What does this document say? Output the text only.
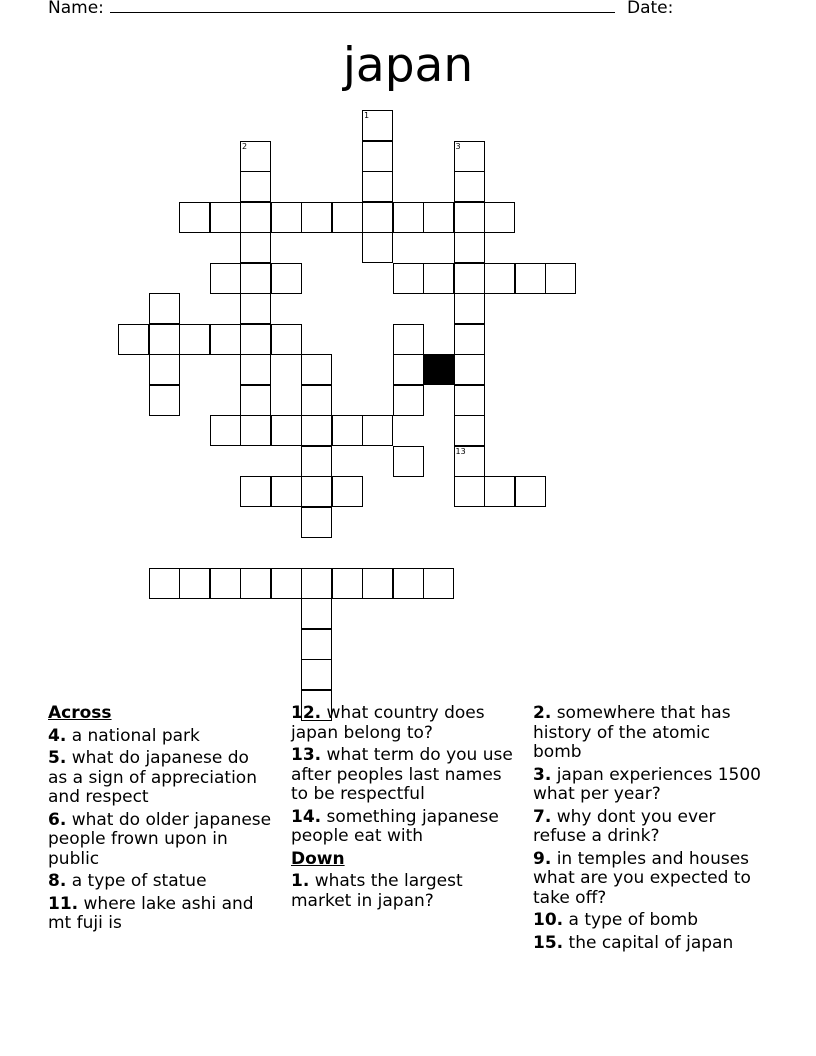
Name:	Date:
japan
1
2	3
13
Across
4. a national park
5. what do japanese do as a sign of appreciation and respect
6. what do older japanese people frown upon in public
8. a type of statue
11. where lake ashi and mt fuji is
12. what country does japan belong to?
13. what term do you use after peoples last names to be respectful
14. something japanese people eat with
Down
1. whats the largest market in japan?
2. somewhere that has history of the atomic bomb
3. japan experiences 1500 what per year?
7. why dont you ever refuse a drink?
9. in temples and houses what are you expected to take off?
10. a type of bomb
15. the capital of japan
